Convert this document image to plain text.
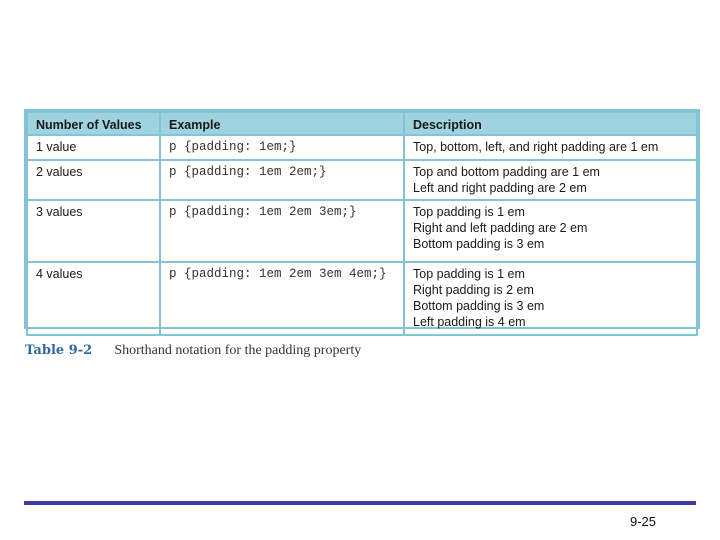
Number of Values	Example	Description
1 value	p {padding: 1em;}	Top, bottom, left, and right padding are 1 em

2 values	p {padding: 1em 2em;}	Top and bottom padding are 1 em
Left and right padding are 2 em

3 values	p {padding: 1em 2em 3em;}	Top padding is 1 em
Right and left padding are 2 em
Bottom padding is 3 em

4 values	p {padding: 1em 2em 3em 4em;}	Top padding is 1 em
Right padding is 2 em
Bottom padding is 3 em
Left padding is 4 em
Table 9-2 Shorthand notation for the padding property
9-25
